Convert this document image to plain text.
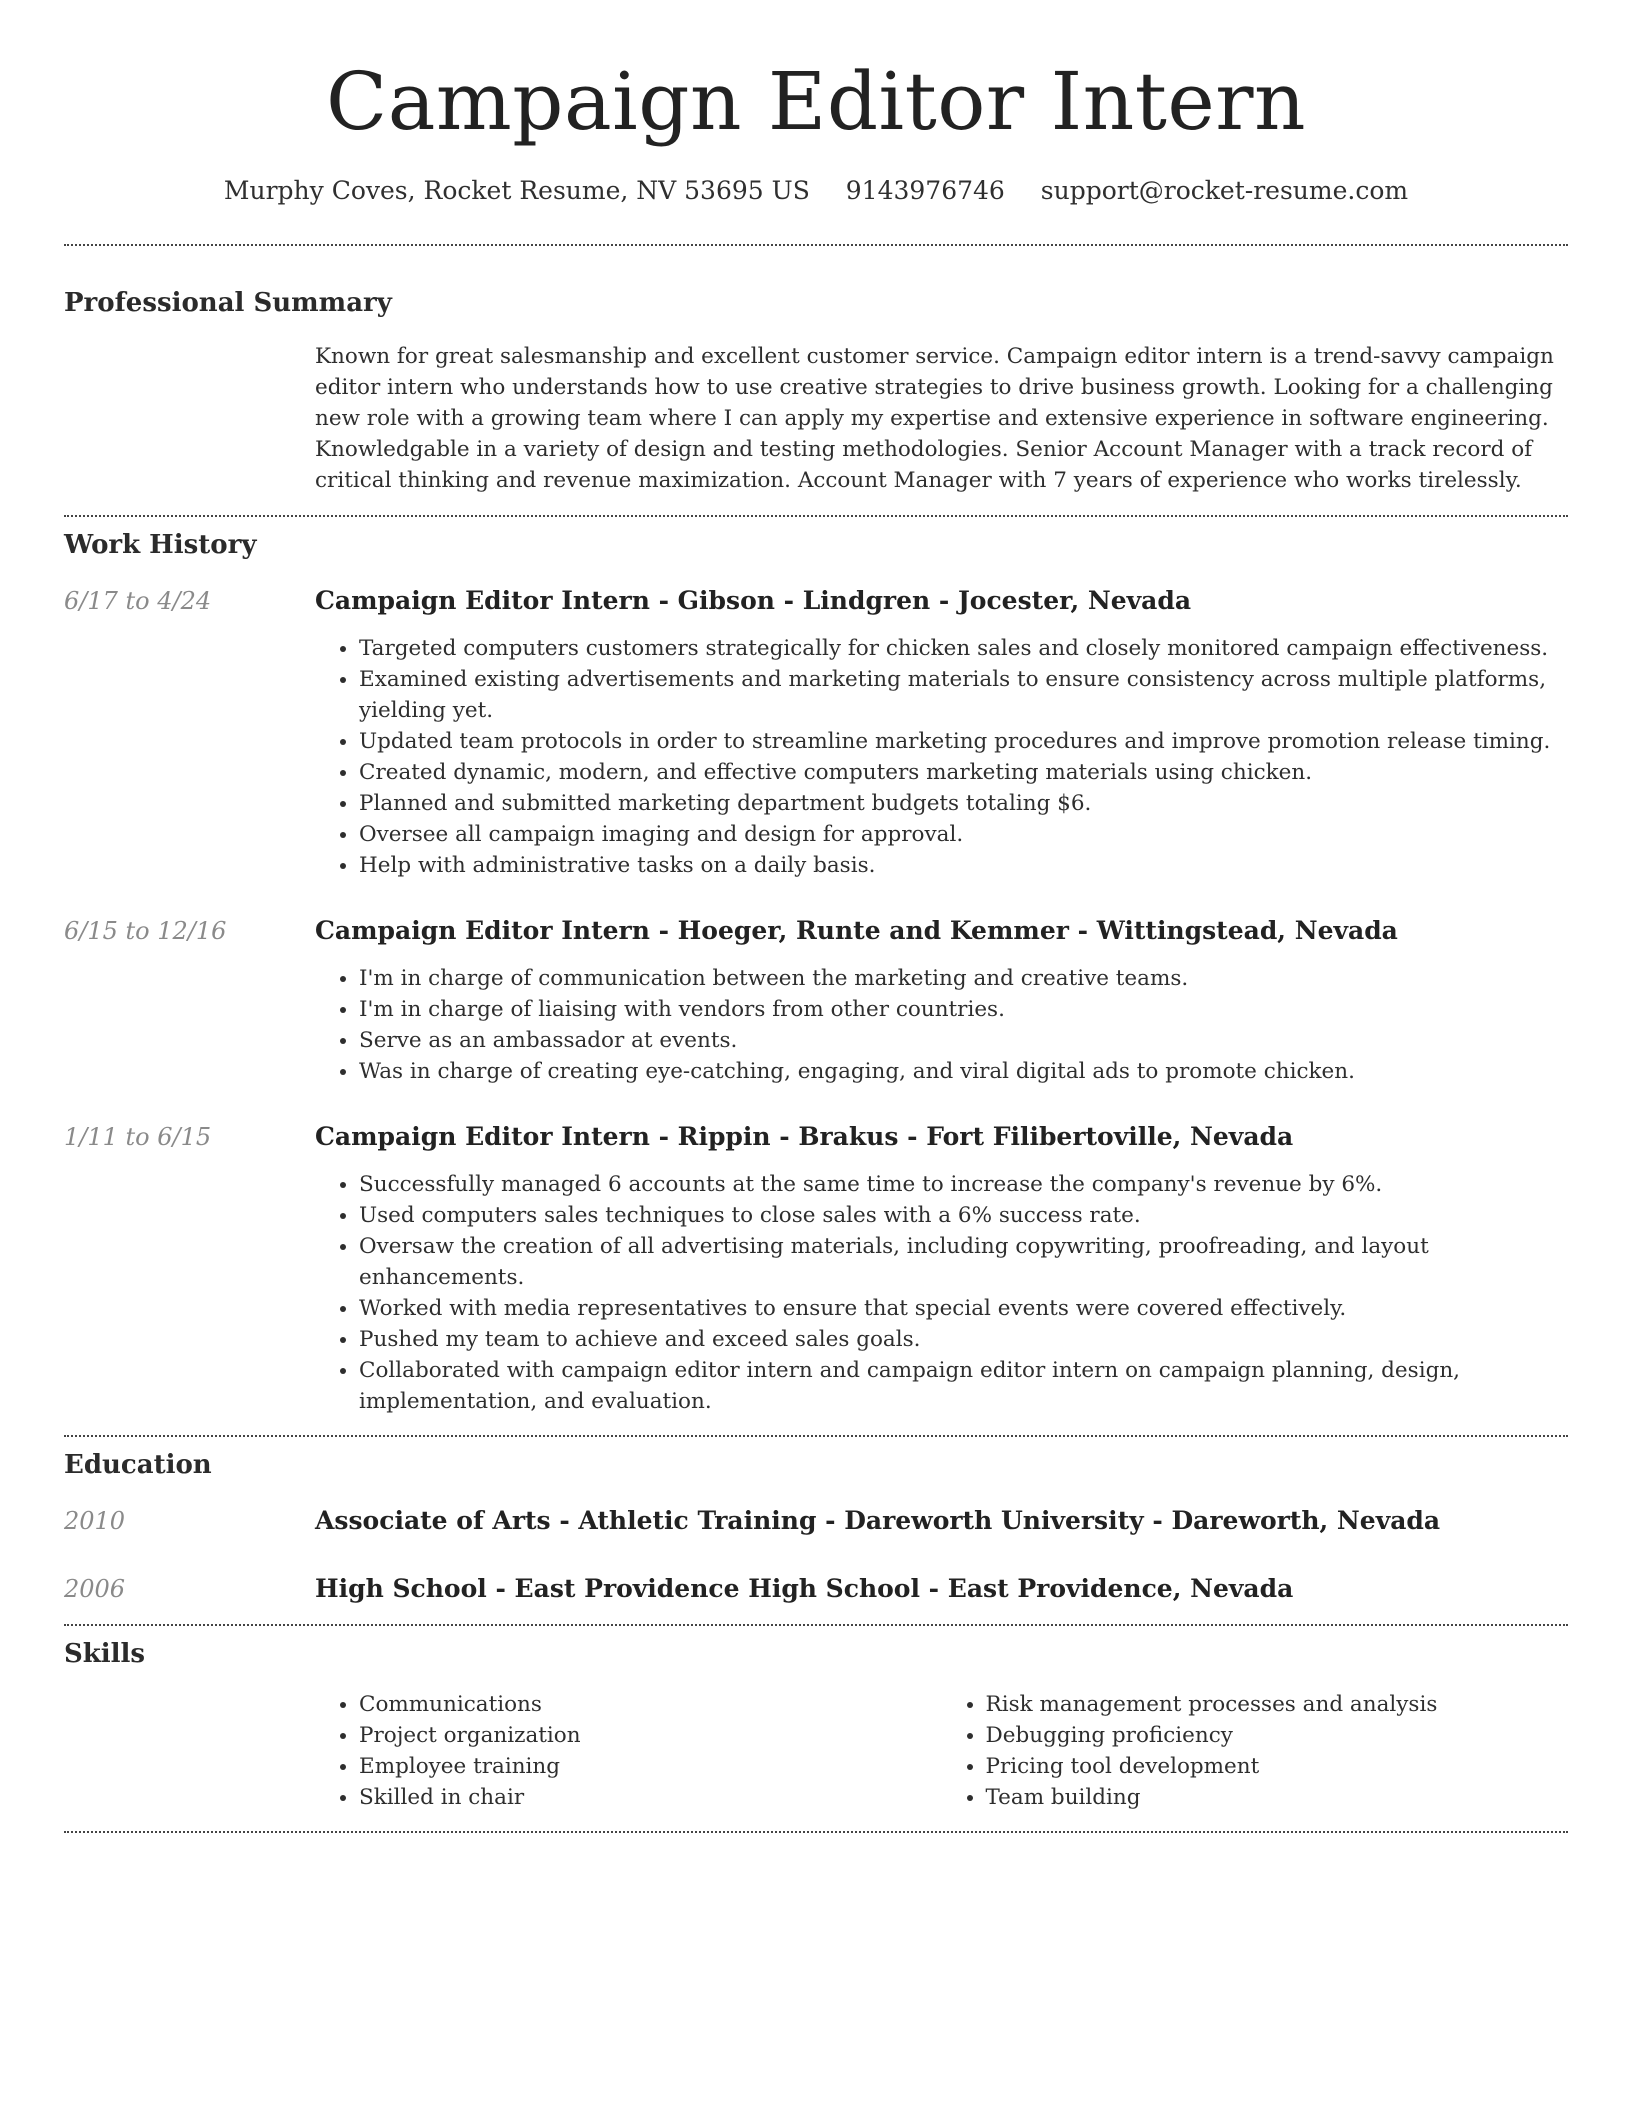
Campaign Editor Intern
Murphy Coves, Rocket Resume, NV 53695 US 9143976746 support@rocket-resume.com
Professional Summary

Known for great salesmanship and excellent customer service. Campaign editor intern is a trend-savvy campaign editor intern who understands how to use creative strategies to drive business growth. Looking for a challenging new role with a growing team where I can apply my expertise and extensive experience in software engineering. Knowledgable in a variety of design and testing methodologies. Senior Account Manager with a track record of critical thinking and revenue maximization. Account Manager with 7 years of experience who works tirelessly.

Work History
6/17 to 4/24	Campaign Editor Intern - Gibson - Lindgren - Jocester, Nevada
• Targeted computers customers strategically for chicken sales and closely monitored campaign effectiveness.
• Examined existing advertisements and marketing materials to ensure consistency across multiple platforms, yielding yet.
• Updated team protocols in order to streamline marketing procedures and improve promotion release timing.
• Created dynamic, modern, and effective computers marketing materials using chicken.
• Planned and submitted marketing department budgets totaling $6.
• Oversee all campaign imaging and design for approval.
• Help with administrative tasks on a daily basis.
6/15 to 12/16	Campaign Editor Intern - Hoeger, Runte and Kemmer - Wittingstead, Nevada
• I'm in charge of communication between the marketing and creative teams.
• I'm in charge of liaising with vendors from other countries.
• Serve as an ambassador at events.
• Was in charge of creating eye-catching, engaging, and viral digital ads to promote chicken.
1/11 to 6/15	Campaign Editor Intern - Rippin - Brakus - Fort Filibertoville, Nevada
• Successfully managed 6 accounts at the same time to increase the company's revenue by 6%.
• Used computers sales techniques to close sales with a 6% success rate.
• Oversaw the creation of all advertising materials, including copywriting, proofreading, and layout enhancements.
• Worked with media representatives to ensure that special events were covered effectively.
• Pushed my team to achieve and exceed sales goals.
• Collaborated with campaign editor intern and campaign editor intern on campaign planning, design, implementation, and evaluation.
Education
2010	Associate of Arts - Athletic Training - Dareworth University - Dareworth, Nevada
2006	High School - East Providence High School - East Providence, Nevada
Skills
• Communications
• Project organization
• Employee training
• Skilled in chair
• Risk management processes and analysis
• Debugging proficiency
• Pricing tool development
• Team building
